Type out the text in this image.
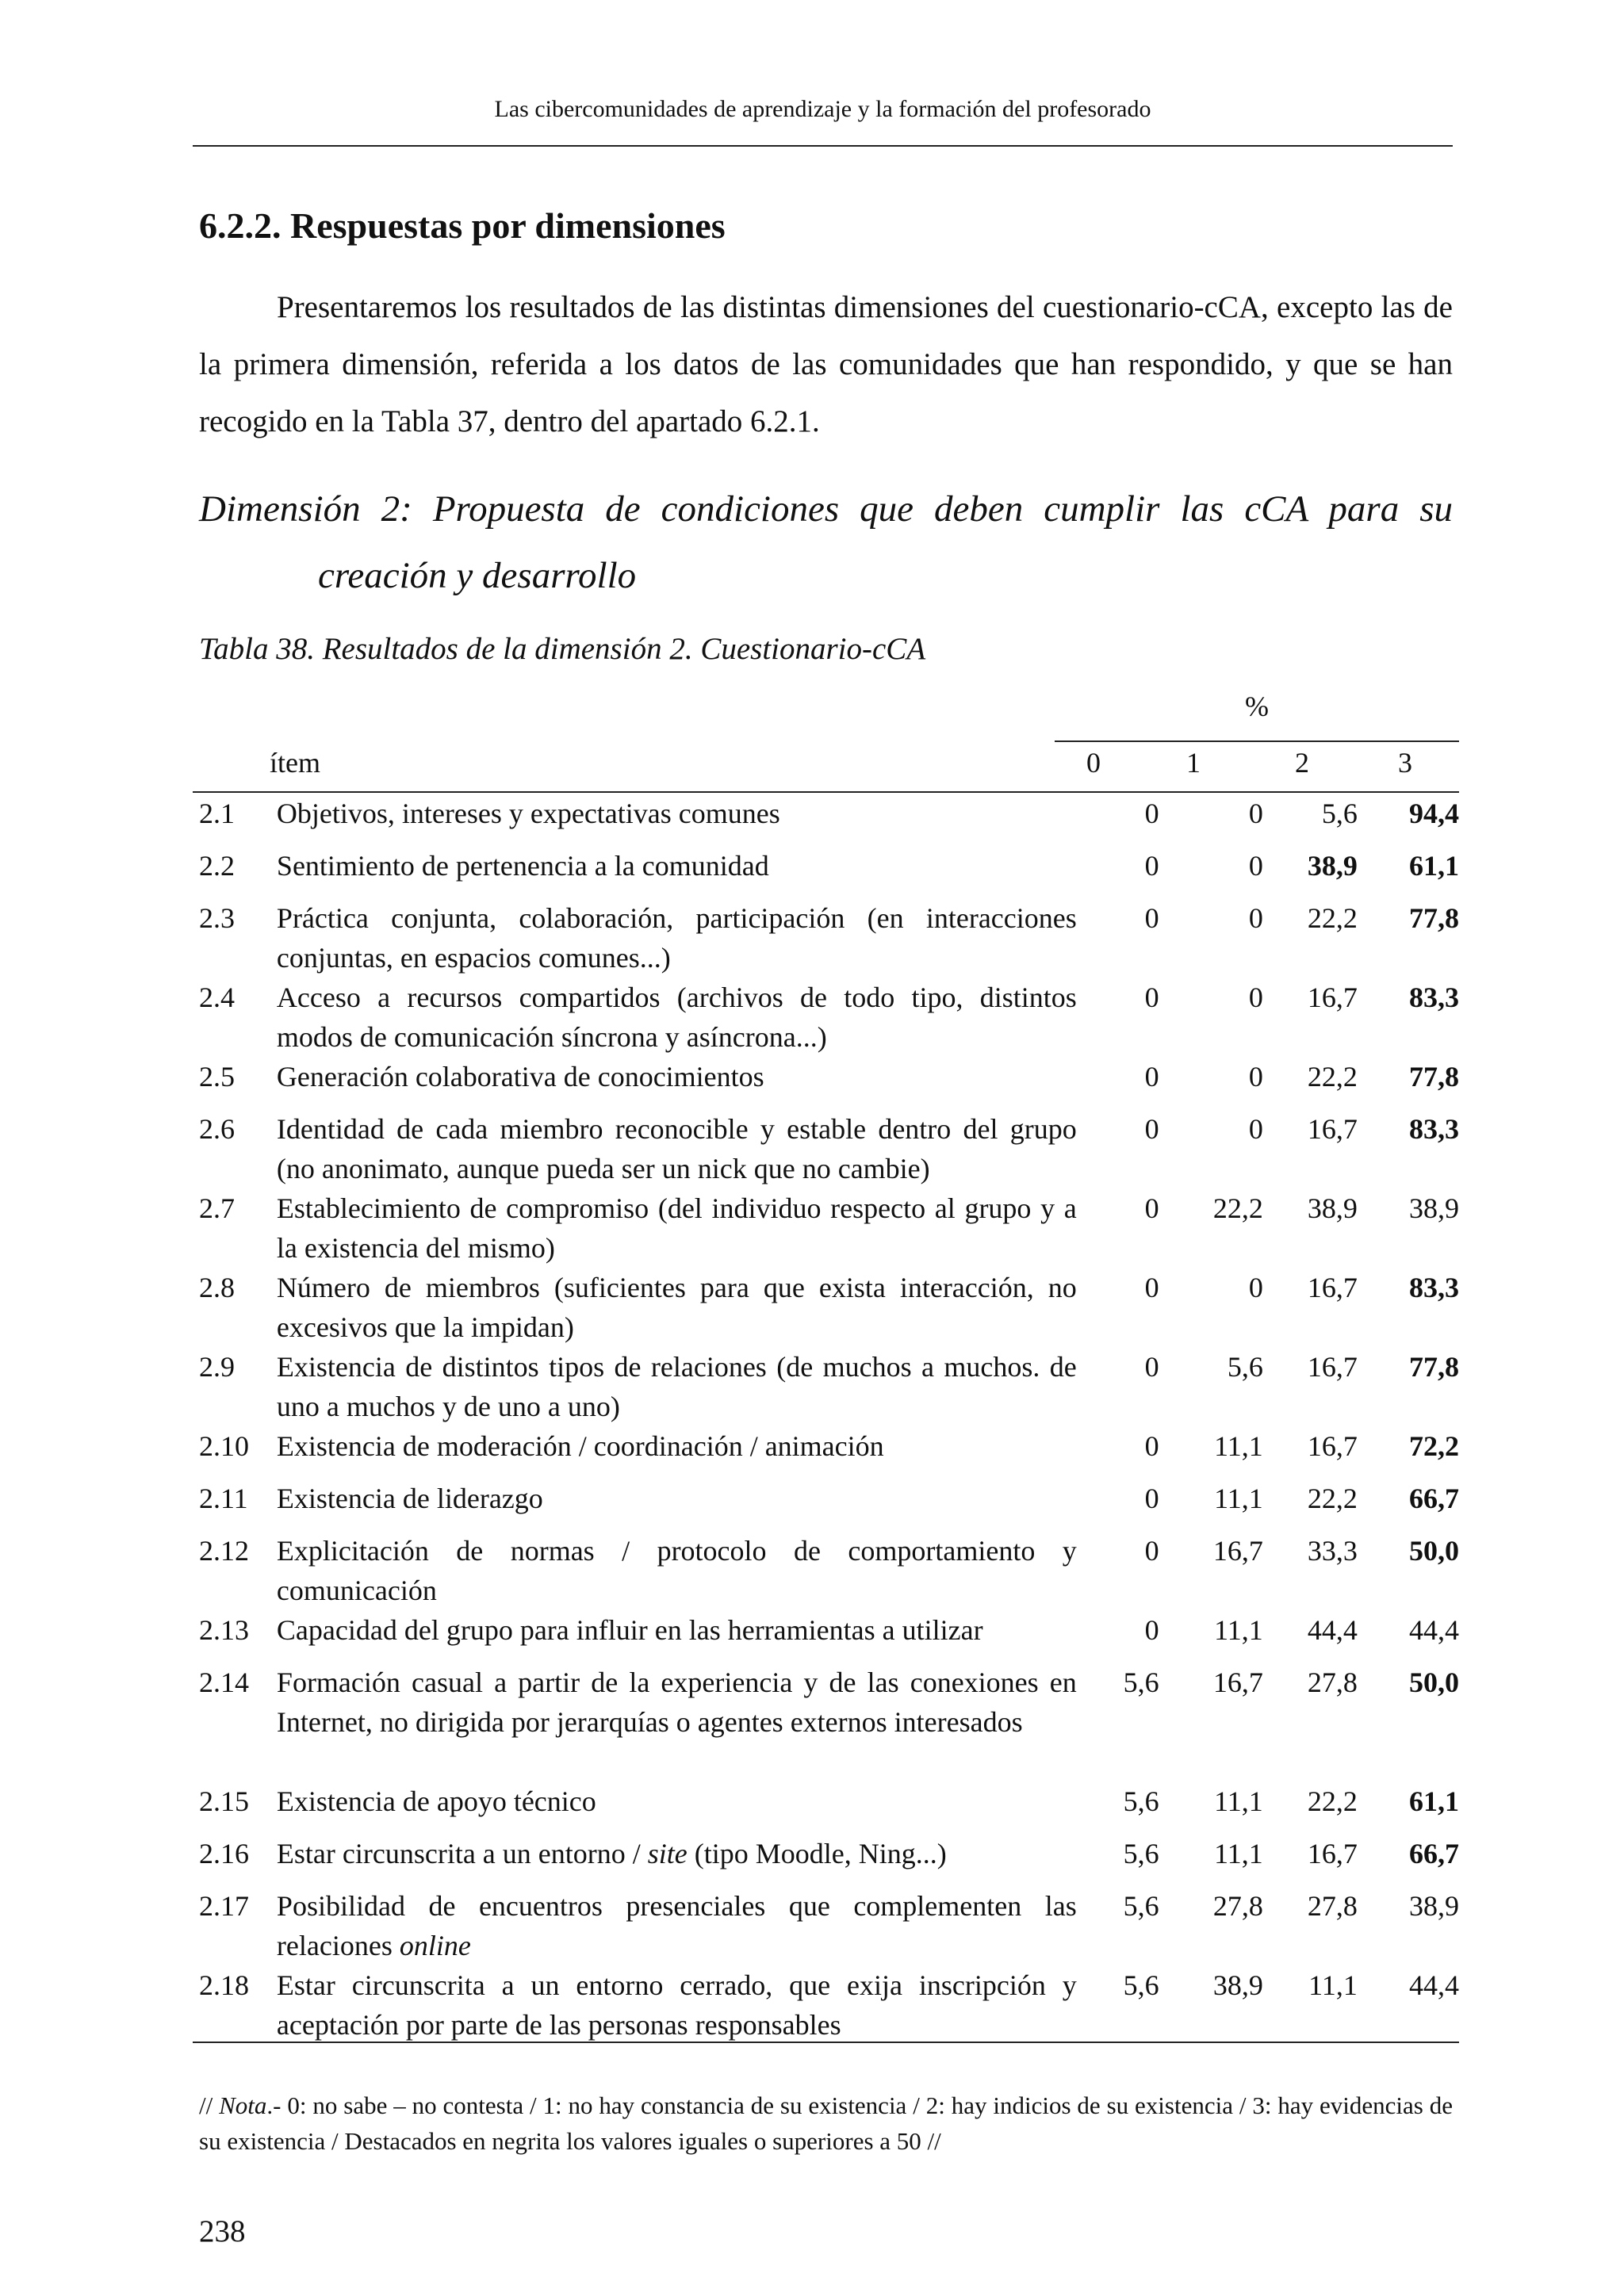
Las cibercomunidades de aprendizaje y la formación del profesorado
6.2.2. Respuestas por dimensiones

Presentaremos los resultados de las distintas dimensiones del cuestionario-cCA, excepto las de la primera dimensión, referida a los datos de las comunidades que han respondido, y que se han recogido en la Tabla 37, dentro del apartado 6.2.1.

Dimensión 2: Propuesta de condiciones que deben cumplir las cCA para su creación y desarrollo

Tabla 38. Resultados de la dimensión 2. Cuestionario-cCA
%
ítem	0	1	2	3
2.1	Objetivos, intereses y expectativas comunes	0	0	5,6	94,4
2.2	Sentimiento de pertenencia a la comunidad	0	0	38,9	61,1
2.3	Práctica conjunta, colaboración, participación (en interacciones conjuntas, en espacios comunes...)	0	0	22,2	77,8
2.4	Acceso a recursos compartidos (archivos de todo tipo, distintos modos de comunicación síncrona y asíncrona...)	0	0	16,7	83,3
2.5	Generación colaborativa de conocimientos	0	0	22,2	77,8
2.6	Identidad de cada miembro reconocible y estable dentro del grupo (no anonimato, aunque pueda ser un nick que no cambie)	0	0	16,7	83,3
2.7	Establecimiento de compromiso (del individuo respecto al grupo y a la existencia del mismo)	0	22,2	38,9	38,9
2.8	Número de miembros (suficientes para que exista interacción, no excesivos que la impidan)	0	0	16,7	83,3
2.9	Existencia de distintos tipos de relaciones (de muchos a muchos. de uno a muchos y de uno a uno)	0	5,6	16,7	77,8
2.10	Existencia de moderación / coordinación / animación	0	11,1	16,7	72,2
2.11	Existencia de liderazgo	0	11,1	22,2	66,7
2.12	Explicitación de normas / protocolo de comportamiento y comunicación	0	16,7	33,3	50,0
2.13	Capacidad del grupo para influir en las herramientas a utilizar	0	11,1	44,4	44,4
2.14	Formación casual a partir de la experiencia y de las conexiones en Internet, no dirigida por jerarquías o agentes externos interesados	5,6	16,7	27,8	50,0
2.15	Existencia de apoyo técnico	5,6	11,1	22,2	61,1
2.16	Estar circunscrita a un entorno / site (tipo Moodle, Ning...)	5,6	11,1	16,7	66,7
2.17	Posibilidad de encuentros presenciales que complementen las relaciones online	5,6	27,8	27,8	38,9
2.18	Estar circunscrita a un entorno cerrado, que exija inscripción y aceptación por parte de las personas responsables	5,6	38,9	11,1	44,4

// Nota.- 0: no sabe – no contesta / 1: no hay constancia de su existencia / 2: hay indicios de su existencia / 3: hay evidencias de su existencia / Destacados en negrita los valores iguales o superiores a 50 //

238
